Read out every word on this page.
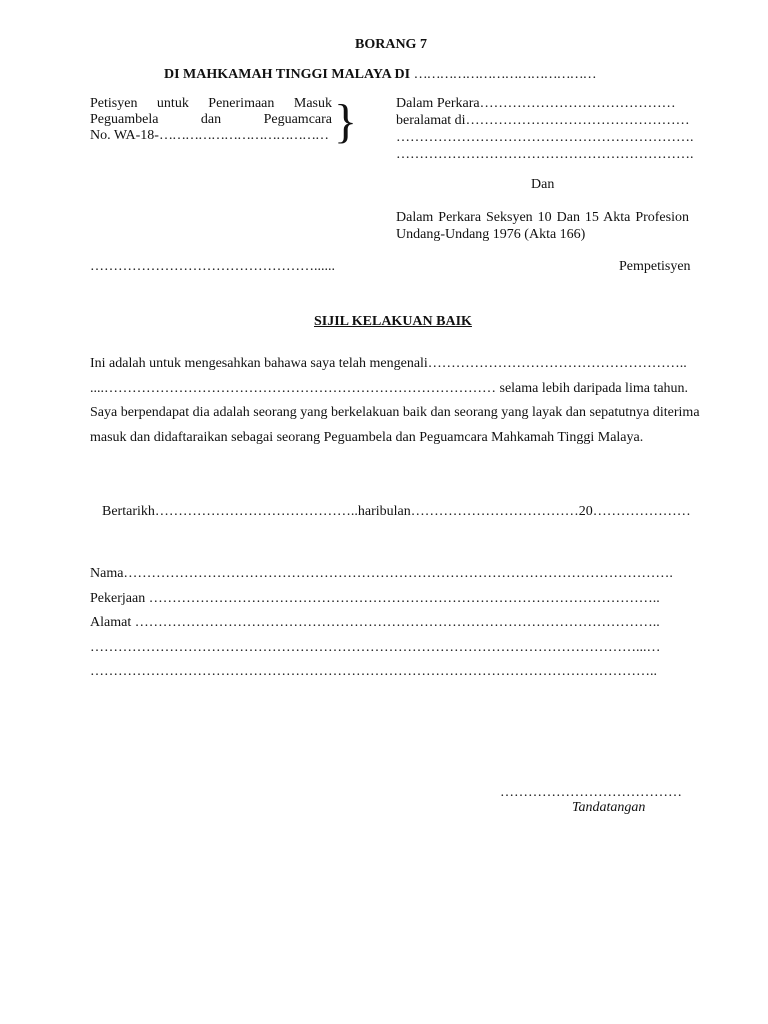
BORANG 7
DI MAHKAMAH TINGGI MALAYA DI ……………………………………
Petisyen untuk Penerimaan Masuk
Peguambela dan Peguamcara
No. WA-18-………………………………… }	Dalam Perkara……………………………………
beralamat di…………………………………………
……………………………………………………….
……………………………………………………….
Dan
Dalam Perkara Seksyen 10 Dan 15 Akta Profesion
Undang-Undang 1976 (Akta 166)
…………………………………………......	Pempetisyen
SIJIL KELAKUAN BAIK
Ini adalah untuk mengesahkan bahawa saya telah mengenali………………………………………………..
....………………………………………………………………………… selama lebih daripada lima tahun.
Saya berpendapat dia adalah seorang yang berkelakuan baik dan seorang yang layak dan sepatutnya diterima
masuk dan didaftaraikan sebagai seorang Peguambela dan Peguamcara Mahkamah Tinggi Malaya.
Bertarikh……………………………………..haribulan………………………………20…………………
Nama……………………………………………………………………………………………………….
Pekerjaan ………………………………………………………………………………………………..
Alamat …………………………………………………………………………………………………..
………………………………………………………………………………………………………...…
…………………………………………………………………………………………………………..
…………………………………
Tandatangan
